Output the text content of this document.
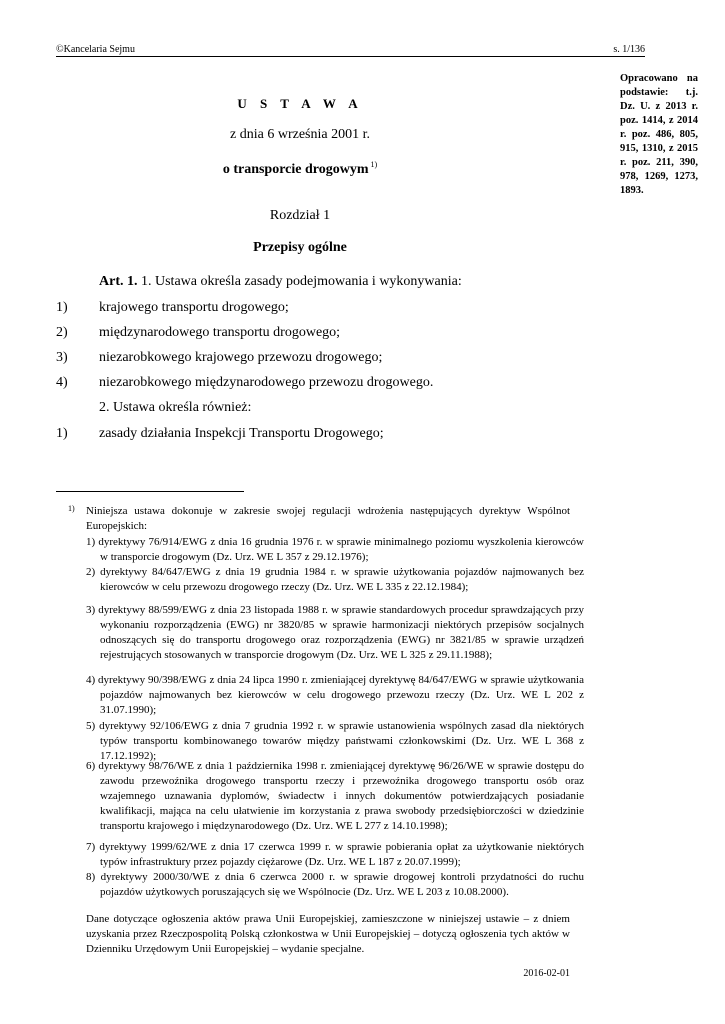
©Kancelaria Sejmu	s. 1/136
Opracowano na podstawie: t.j. Dz. U. z 2013 r. poz. 1414, z 2014 r. poz. 486, 805, 915, 1310, z 2015 r. poz. 211, 390, 978, 1269, 1273, 1893.
U S T A W A
z dnia 6 września 2001 r.
o transporcie drogowym $^{1)}$
Rozdział 1
Przepisy ogólne
Art. 1. 1. Ustawa określa zasady podejmowania i wykonywania:
1) krajowego transportu drogowego;
2) międzynarodowego transportu drogowego;
3) niezarobkowego krajowego przewozu drogowego;
4) niezarobkowego międzynarodowego przewozu drogowego.
2. Ustawa określa również:
1) zasady działania Inspekcji Transportu Drogowego;
1) Niniejsza ustawa dokonuje w zakresie swojej regulacji wdrożenia następujących dyrektyw Wspólnot Europejskich:
1) dyrektywy 76/914/EWG z dnia 16 grudnia 1976 r. w sprawie minimalnego poziomu wyszkolenia kierowców w transporcie drogowym (Dz. Urz. WE L 357 z 29.12.1976);
2) dyrektywy 84/647/EWG z dnia 19 grudnia 1984 r. w sprawie użytkowania pojazdów najmowanych bez kierowców w celu przewozu drogowego rzeczy (Dz. Urz. WE L 335 z 22.12.1984);
3) dyrektywy 88/599/EWG z dnia 23 listopada 1988 r. w sprawie standardowych procedur sprawdzających przy wykonaniu rozporządzenia (EWG) nr 3820/85 w sprawie harmonizacji niektórych przepisów socjalnych odnoszących się do transportu drogowego oraz rozporządzenia (EWG) nr 3821/85 w sprawie urządzeń rejestrujących stosowanych w transporcie drogowym (Dz. Urz. WE L 325 z 29.11.1988);
4) dyrektywy 90/398/EWG z dnia 24 lipca 1990 r. zmieniającej dyrektywę 84/647/EWG w sprawie użytkowania pojazdów najmowanych bez kierowców w celu drogowego przewozu rzeczy (Dz. Urz. WE L 202 z 31.07.1990);
5) dyrektywy 92/106/EWG z dnia 7 grudnia 1992 r. w sprawie ustanowienia wspólnych zasad dla niektórych typów transportu kombinowanego towarów między państwami członkowskimi (Dz. Urz. WE L 368 z 17.12.1992);
6) dyrektywy 98/76/WE z dnia 1 października 1998 r. zmieniającej dyrektywę 96/26/WE w sprawie dostępu do zawodu przewoźnika drogowego transportu rzeczy i przewoźnika drogowego transportu osób oraz wzajemnego uznawania dyplomów, świadectw i innych dokumentów potwierdzających posiadanie kwalifikacji, mająca na celu ułatwienie im korzystania z prawa swobody przedsiębiorczości w dziedzinie transportu krajowego i międzynarodowego (Dz. Urz. WE L 277 z 14.10.1998);
7) dyrektywy 1999/62/WE z dnia 17 czerwca 1999 r. w sprawie pobierania opłat za użytkowanie niektórych typów infrastruktury przez pojazdy ciężarowe (Dz. Urz. WE L 187 z 20.07.1999);
8) dyrektywy 2000/30/WE z dnia 6 czerwca 2000 r. w sprawie drogowej kontroli przydatności do ruchu pojazdów użytkowych poruszających się we Wspólnocie (Dz. Urz. WE L 203 z 10.08.2000).
Dane dotyczące ogłoszenia aktów prawa Unii Europejskiej, zamieszczone w niniejszej ustawie – z dniem uzyskania przez Rzeczpospolitą Polską członkostwa w Unii Europejskiej – dotyczą ogłoszenia tych aktów w Dzienniku Urzędowym Unii Europejskiej – wydanie specjalne.
2016-02-01
